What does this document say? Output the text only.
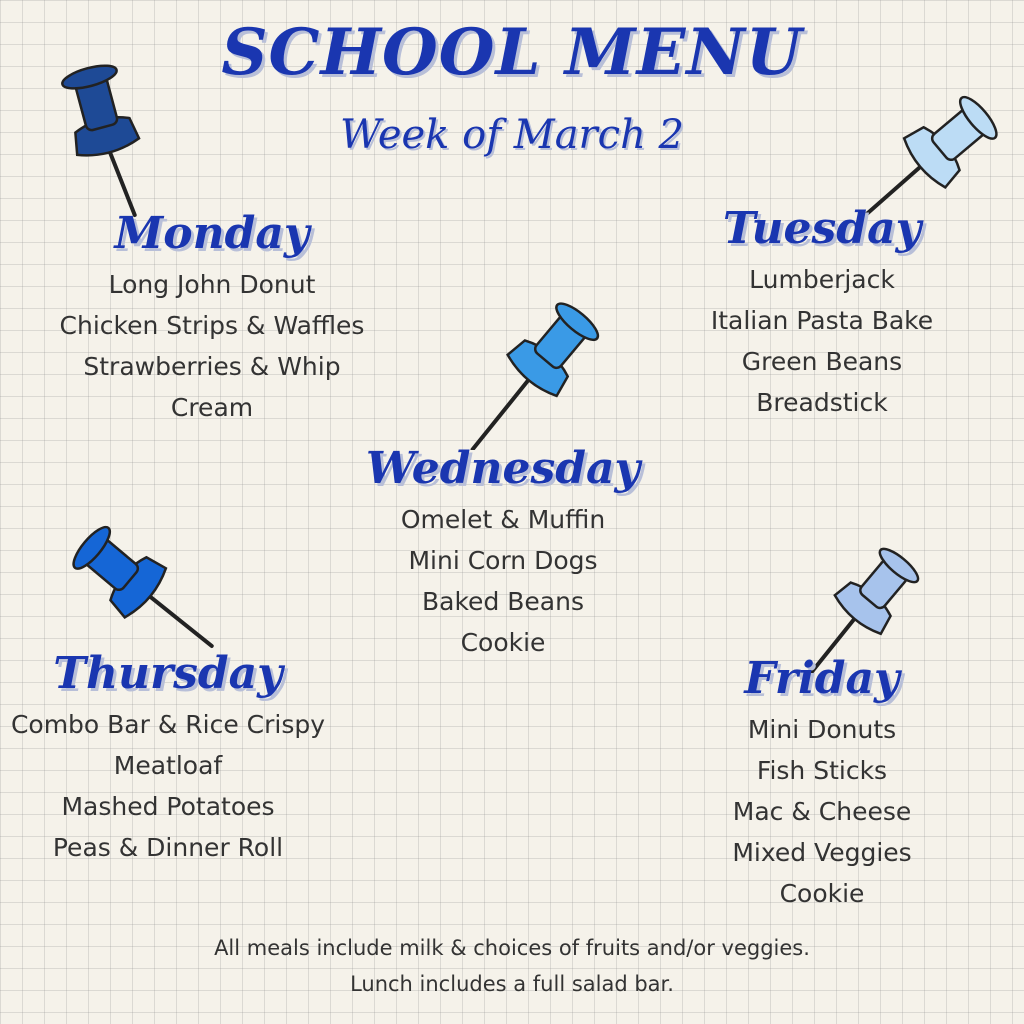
SCHOOL MENU
Week of March 2
Monday
Long John Donut
Chicken Strips & Waffles
Strawberries & Whip
Cream
Tuesday
Lumberjack
Italian Pasta Bake
Green Beans
Breadstick
Wednesday
Omelet & Muffin
Mini Corn Dogs
Baked Beans
Cookie
Thursday
Combo Bar & Rice Crispy
Meatloaf
Mashed Potatoes
Peas & Dinner Roll
Friday
Mini Donuts
Fish Sticks
Mac & Cheese
Mixed Veggies
Cookie
All meals include milk & choices of fruits and/or veggies.
Lunch includes a full salad bar.
